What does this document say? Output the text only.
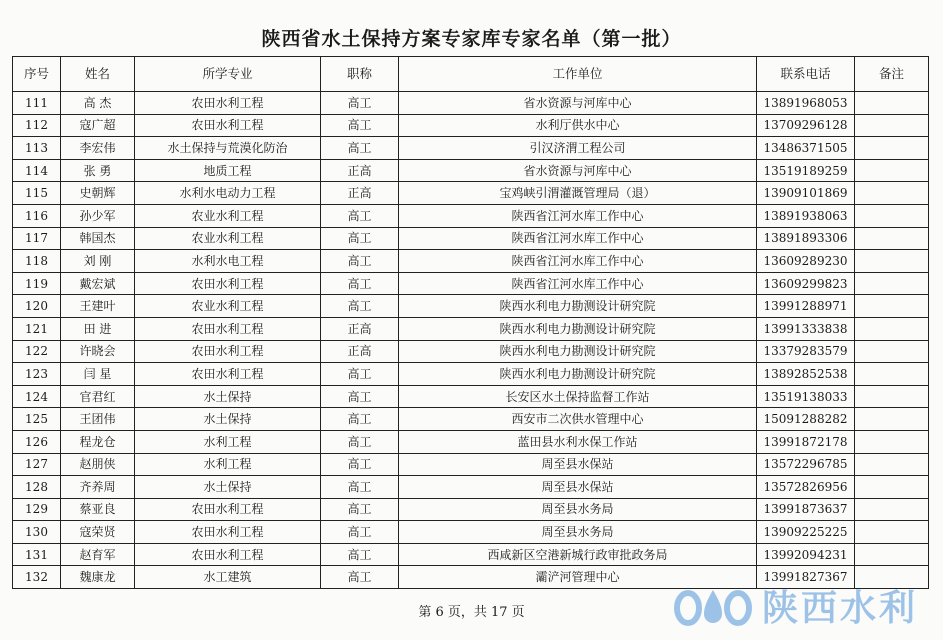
陕西省水土保持方案专家库专家名单（第一批）
序号	姓名	所学专业	职称	工作单位	联系电话	备注
111	高 杰	农田水利工程	高工	省水资源与河库中心	13891968053	
112	寇广超	农田水利工程	高工	水利厅供水中心	13709296128	
113	李宏伟	水土保持与荒漠化防治	高工	引汉济渭工程公司	13486371505	
114	张 勇	地质工程	正高	省水资源与河库中心	13519189259	
115	史朝辉	水利水电动力工程	正高	宝鸡峡引渭灌溉管理局（退）	13909101869	
116	孙少军	农业水利工程	高工	陕西省江河水库工作中心	13891938063	
117	韩国杰	农业水利工程	高工	陕西省江河水库工作中心	13891893306	
118	刘 刚	水利水电工程	高工	陕西省江河水库工作中心	13609289230	
119	戴宏斌	农田水利工程	高工	陕西省江河水库工作中心	13609299823	
120	王建叶	农业水利工程	高工	陕西水利电力勘测设计研究院	13991288971	
121	田 进	农田水利工程	正高	陕西水利电力勘测设计研究院	13991333838	
122	许晓会	农田水利工程	正高	陕西水利电力勘测设计研究院	13379283579	
123	闫 星	农田水利工程	高工	陕西水利电力勘测设计研究院	13892852538	
124	官君红	水土保持	高工	长安区水土保持监督工作站	13519138033	
125	王团伟	水土保持	高工	西安市二次供水管理中心	15091288282	
126	程龙仓	水利工程	高工	蓝田县水利水保工作站	13991872178	
127	赵朋侠	水利工程	高工	周至县水保站	13572296785	
128	齐养周	水土保持	高工	周至县水保站	13572826956	
129	蔡亚良	农田水利工程	高工	周至县水务局	13991873637	
130	寇荣贤	农田水利工程	高工	周至县水务局	13909225225	
131	赵育军	农田水利工程	高工	西咸新区空港新城行政审批政务局	13992094231	
132	魏康龙	水工建筑	高工	灞浐河管理中心	13991827367	
第 6 页，共 17 页	陕西水利
